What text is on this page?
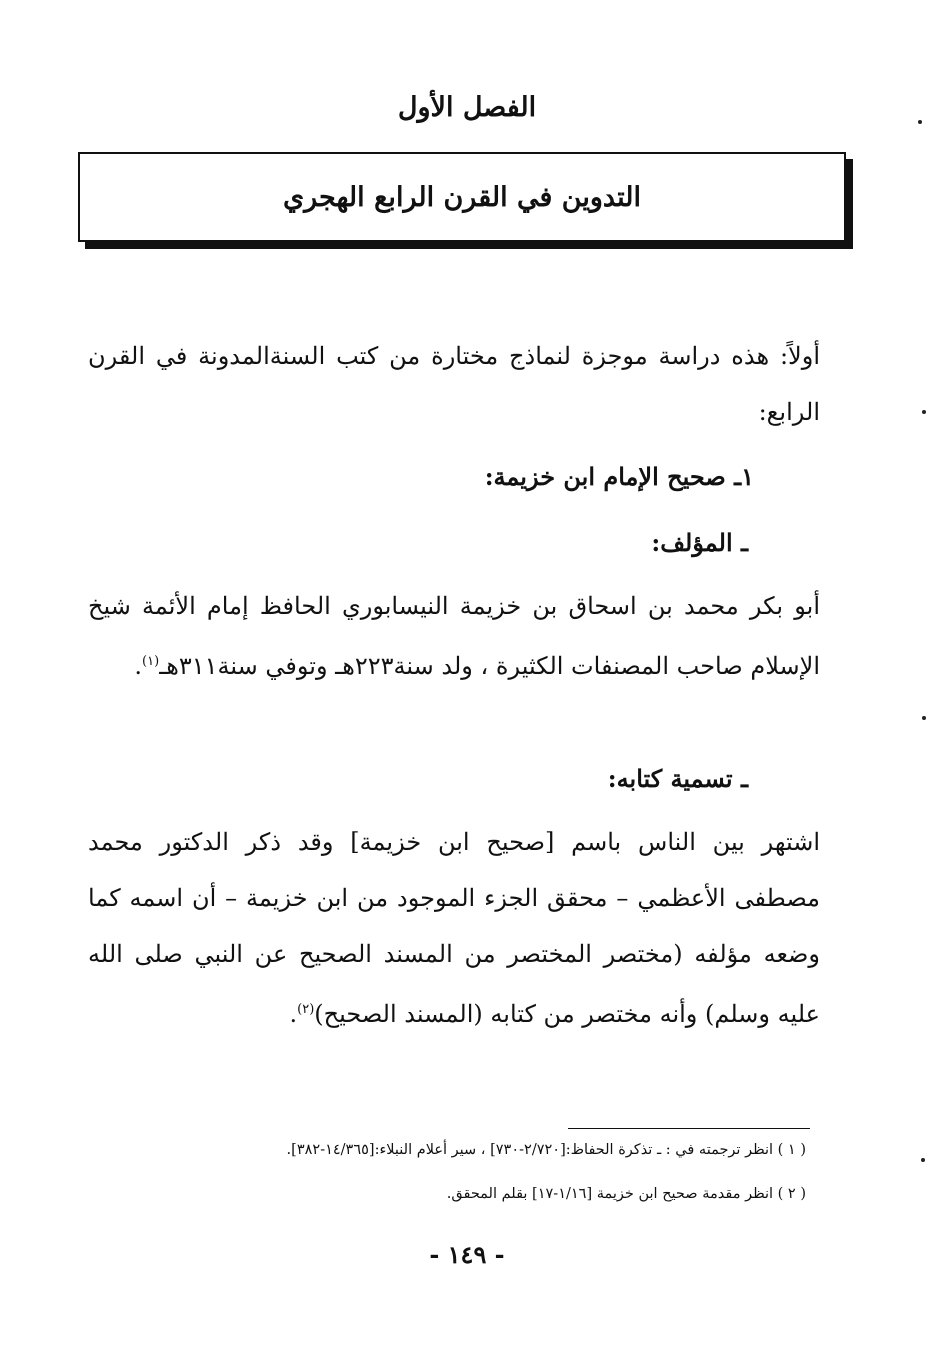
الفصل الأول
التدوين في القرن الرابع الهجري
أولاً: هذه دراسة موجزة لنماذج مختارة من كتب السنةالمدونة في القرن الرابع:
١ـ صحيح الإمام ابن خزيمة:
ـ المؤلف:
أبو بكر محمد بن اسحاق بن خزيمة النيسابوري الحافظ إمام الأئمة شيخ الإسلام صاحب المصنفات الكثيرة ، ولد سنة٢٢٣هـ وتوفي سنة٣١١هـ$^{(١)}$.
ـ تسمية كتابه:
اشتهر بين الناس باسم [صحيح ابن خزيمة] وقد ذكر الدكتور محمد مصطفى الأعظمي – محقق الجزء الموجود من ابن خزيمة – أن اسمه كما وضعه مؤلفه (مختصر المختصر من المسند الصحيح عن النبي صلى الله عليه وسلم) وأنه مختصر من كتابه (المسند الصحيح)$^{(٢)}$.
( ١ ) انظر ترجمته في : ـ تذكرة الحفاظ:[٢/٧٢٠-٧٣٠] ، سير أعلام النبلاء:[١٤/٣٦٥-٣٨٢].
( ٢ ) انظر مقدمة صحيح ابن خزيمة [١/١٦-١٧] بقلم المحقق.
- ١٤٩ -
